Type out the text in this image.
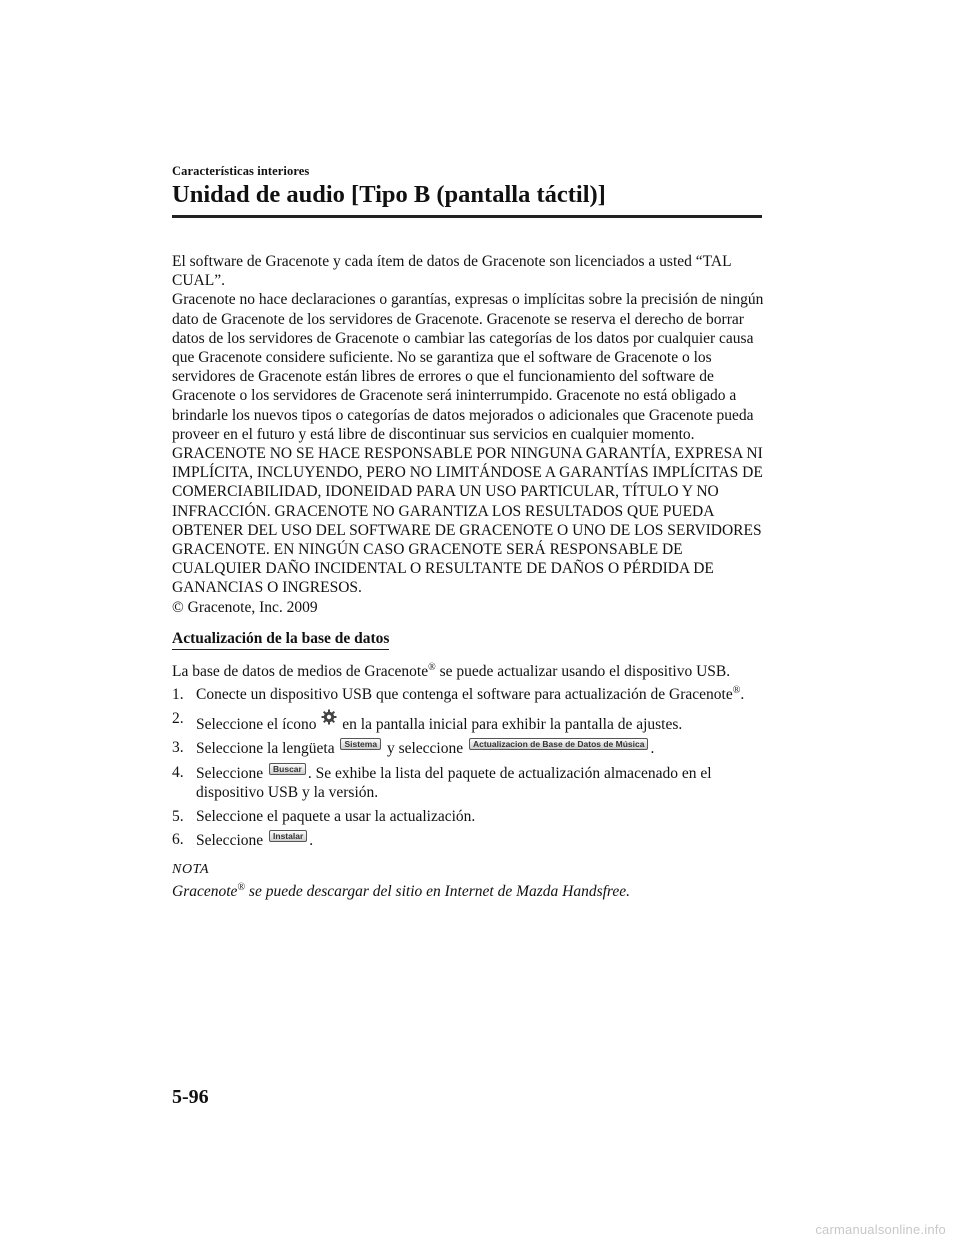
Características interiores
Unidad de audio [Tipo B (pantalla táctil)]

El software de Gracenote y cada ítem de datos de Gracenote son licenciados a usted “TAL CUAL”.

Gracenote no hace declaraciones o garantías, expresas o implícitas sobre la precisión de ningún dato de Gracenote de los servidores de Gracenote. Gracenote se reserva el derecho de borrar datos de los servidores de Gracenote o cambiar las categorías de los datos por cualquier causa que Gracenote considere suficiente. No se garantiza que el software de Gracenote o los servidores de Gracenote están libres de errores o que el funcionamiento del software de Gracenote o los servidores de Gracenote será ininterrumpido. Gracenote no está obligado a brindarle los nuevos tipos o categorías de datos mejorados o adicionales que Gracenote pueda proveer en el futuro y está libre de discontinuar sus servicios en cualquier momento.

GRACENOTE NO SE HACE RESPONSABLE POR NINGUNA GARANTÍA, EXPRESA NI IMPLÍCITA, INCLUYENDO, PERO NO LIMITÁNDOSE A GARANTÍAS IMPLÍCITAS DE COMERCIABILIDAD, IDONEIDAD PARA UN USO PARTICULAR, TÍTULO Y NO INFRACCIÓN. GRACENOTE NO GARANTIZA LOS RESULTADOS QUE PUEDA OBTENER DEL USO DEL SOFTWARE DE GRACENOTE O UNO DE LOS SERVIDORES GRACENOTE. EN NINGÚN CASO GRACENOTE SERÁ RESPONSABLE DE CUALQUIER DAÑO INCIDENTAL O RESULTANTE DE DAÑOS O PÉRDIDA DE GANANCIAS O INGRESOS.

© Gracenote, Inc. 2009

Actualización de la base de datos

La base de datos de medios de Gracenote® se puede actualizar usando el dispositivo USB.

1. Conecte un dispositivo USB que contenga el software para actualización de Gracenote®.
2. Seleccione el ícono en la pantalla inicial para exhibir la pantalla de ajustes.
3. Seleccione la lengüeta Sistema y seleccione Actualizacion de Base de Datos de Música .
4. Seleccione Buscar . Se exhibe la lista del paquete de actualización almacenado en el dispositivo USB y la versión.
5. Seleccione el paquete a usar la actualización.
6. Seleccione Instalar .

NOTA

Gracenote® se puede descargar del sitio en Internet de Mazda Handsfree.

5-96
carmanualsonline.info
